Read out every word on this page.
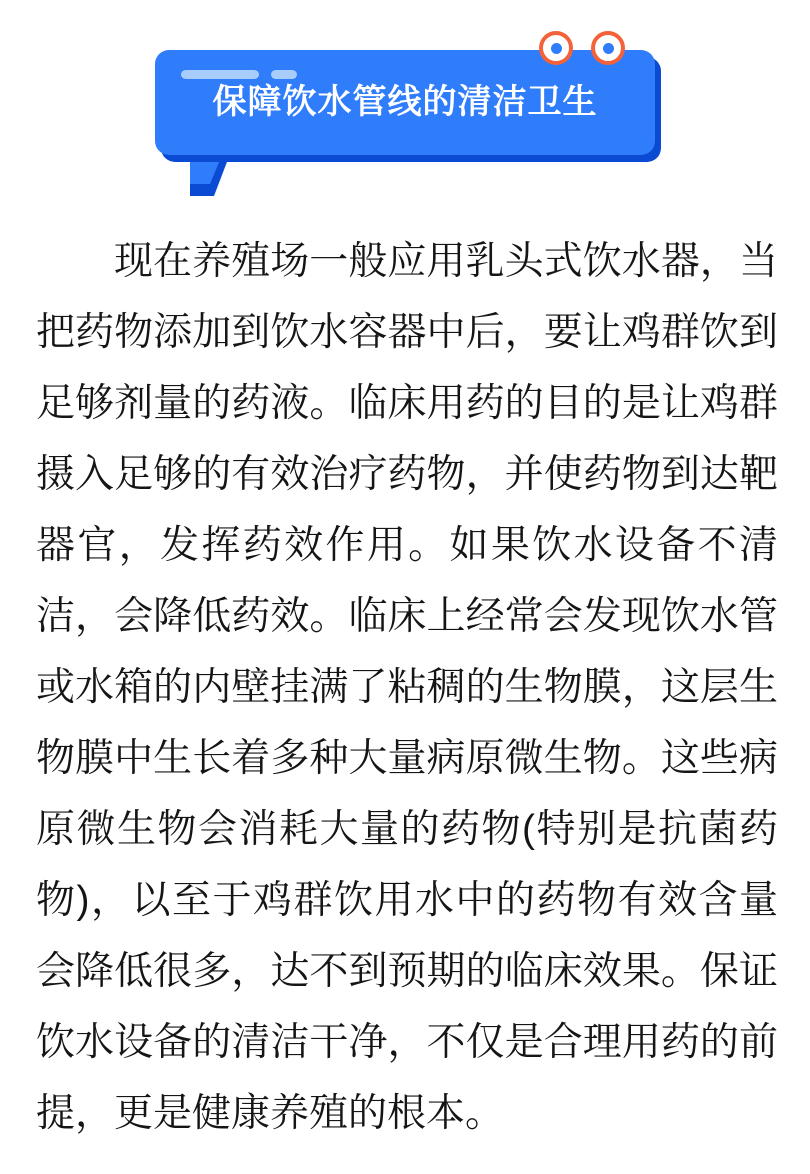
保障饮水管线的清洁卫生
现在养殖场一般应用乳头式饮水器，当把药物添加到饮水容器中后，要让鸡群饮到足够剂量的药液。临床用药的目的是让鸡群摄入足够的有效治疗药物，并使药物到达靶器官，发挥药效作用。如果饮水设备不清洁，会降低药效。临床上经常会发现饮水管或水箱的内壁挂满了粘稠的生物膜，这层生物膜中生长着多种大量病原微生物。这些病原微生物会消耗大量的药物(特别是抗菌药物)，以至于鸡群饮用水中的药物有效含量会降低很多，达不到预期的临床效果。保证饮水设备的清洁干净，不仅是合理用药的前提，更是健康养殖的根本。
